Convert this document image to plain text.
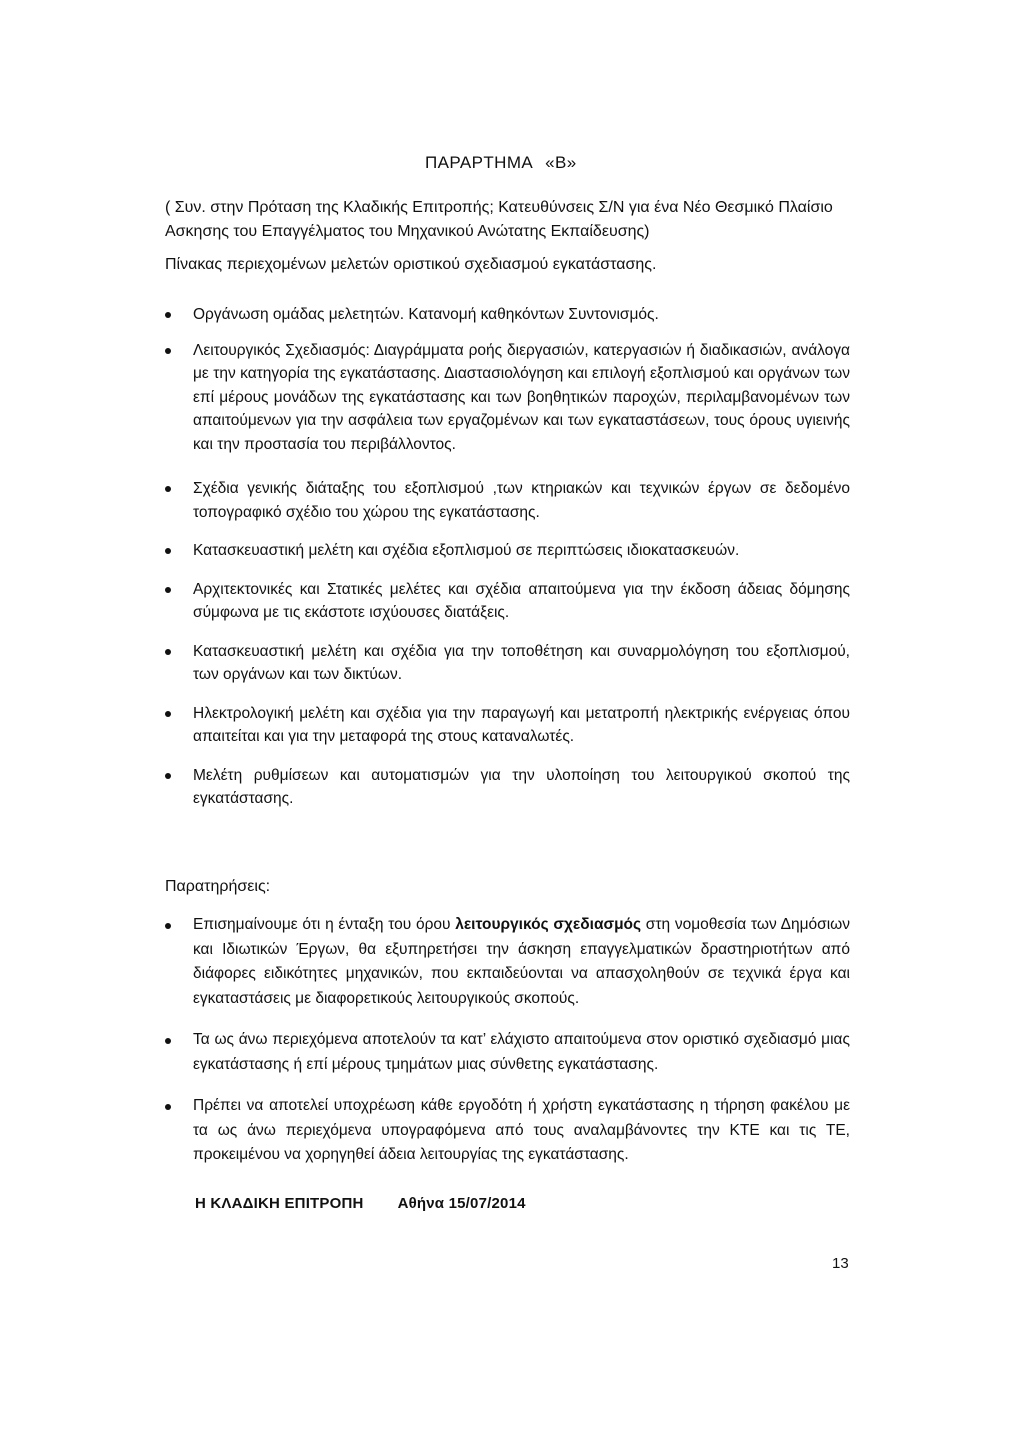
ΠΑΡΑΡΤΗΜΑ «Β»

( Συν. στην Πρόταση της Κλαδικής Επιτροπής; Κατευθύνσεις Σ/Ν για ένα Νέο Θεσμικό Πλαίσιο Ασκησης του Επαγγέλματος του Μηχανικού Ανώτατης Εκπαίδευσης)

Πίνακας περιεχομένων μελετών οριστικού σχεδιασμού εγκατάστασης.

Οργάνωση ομάδας μελετητών. Κατανομή καθηκόντων Συντονισμός.
Λειτουργικός Σχεδιασμός: Διαγράμματα ροής διεργασιών, κατεργασιών ή διαδικασιών, ανάλογα με την κατηγορία της εγκατάστασης. Διαστασιολόγηση και επιλογή εξοπλισμού και οργάνων των επί μέρους μονάδων της εγκατάστασης και των βοηθητικών παροχών, περιλαμβανομένων των απαιτούμενων για την ασφάλεια των εργαζομένων και των εγκαταστάσεων, τους όρους υγιεινής και την προστασία του περιβάλλοντος.
Σχέδια γενικής διάταξης του εξοπλισμού ,των κτηριακών και τεχνικών έργων σε δεδομένο τοπογραφικό σχέδιο του χώρου της εγκατάστασης.
Κατασκευαστική μελέτη και σχέδια εξοπλισμού σε περιπτώσεις ιδιοκατασκευών.
Αρχιτεκτονικές και Στατικές μελέτες και σχέδια απαιτούμενα για την έκδοση άδειας δόμησης σύμφωνα με τις εκάστοτε ισχύουσες διατάξεις.
Κατασκευαστική μελέτη και σχέδια για την τοποθέτηση και συναρμολόγηση του εξοπλισμού, των οργάνων και των δικτύων.
Ηλεκτρολογική μελέτη και σχέδια για την παραγωγή και μετατροπή ηλεκτρικής ενέργειας όπου απαιτείται και για την μεταφορά της στους καταναλωτές.
Μελέτη ρυθμίσεων και αυτοματισμών για την υλοποίηση του λειτουργικού σκοπού της εγκατάστασης.
Παρατηρήσεις:
Επισημαίνουμε ότι η ένταξη του όρου λειτουργικός σχεδιασμός στη νομοθεσία των Δημόσιων και Ιδιωτικών Έργων, θα εξυπηρετήσει την άσκηση επαγγελματικών δραστηριοτήτων από διάφορες ειδικότητες μηχανικών, που εκπαιδεύονται να απασχοληθούν σε τεχνικά έργα και εγκαταστάσεις με διαφορετικούς λειτουργικούς σκοπούς.
Τα ως άνω περιεχόμενα αποτελούν τα κατ’ ελάχιστο απαιτούμενα στον οριστικό σχεδιασμό μιας εγκατάστασης ή επί μέρους τμημάτων μιας σύνθετης εγκατάστασης.
Πρέπει να αποτελεί υποχρέωση κάθε εργοδότη ή χρήστη εγκατάστασης η τήρηση φακέλου με τα ως άνω περιεχόμενα υπογραφόμενα από τους αναλαμβάνοντες την ΚΤΕ και τις ΤΕ, προκειμένου να χορηγηθεί άδεια λειτουργίας της εγκατάστασης.
Η ΚΛΑΔΙΚΗ ΕΠΙΤΡΟΠΗ Αθήνα 15/07/2014
13
